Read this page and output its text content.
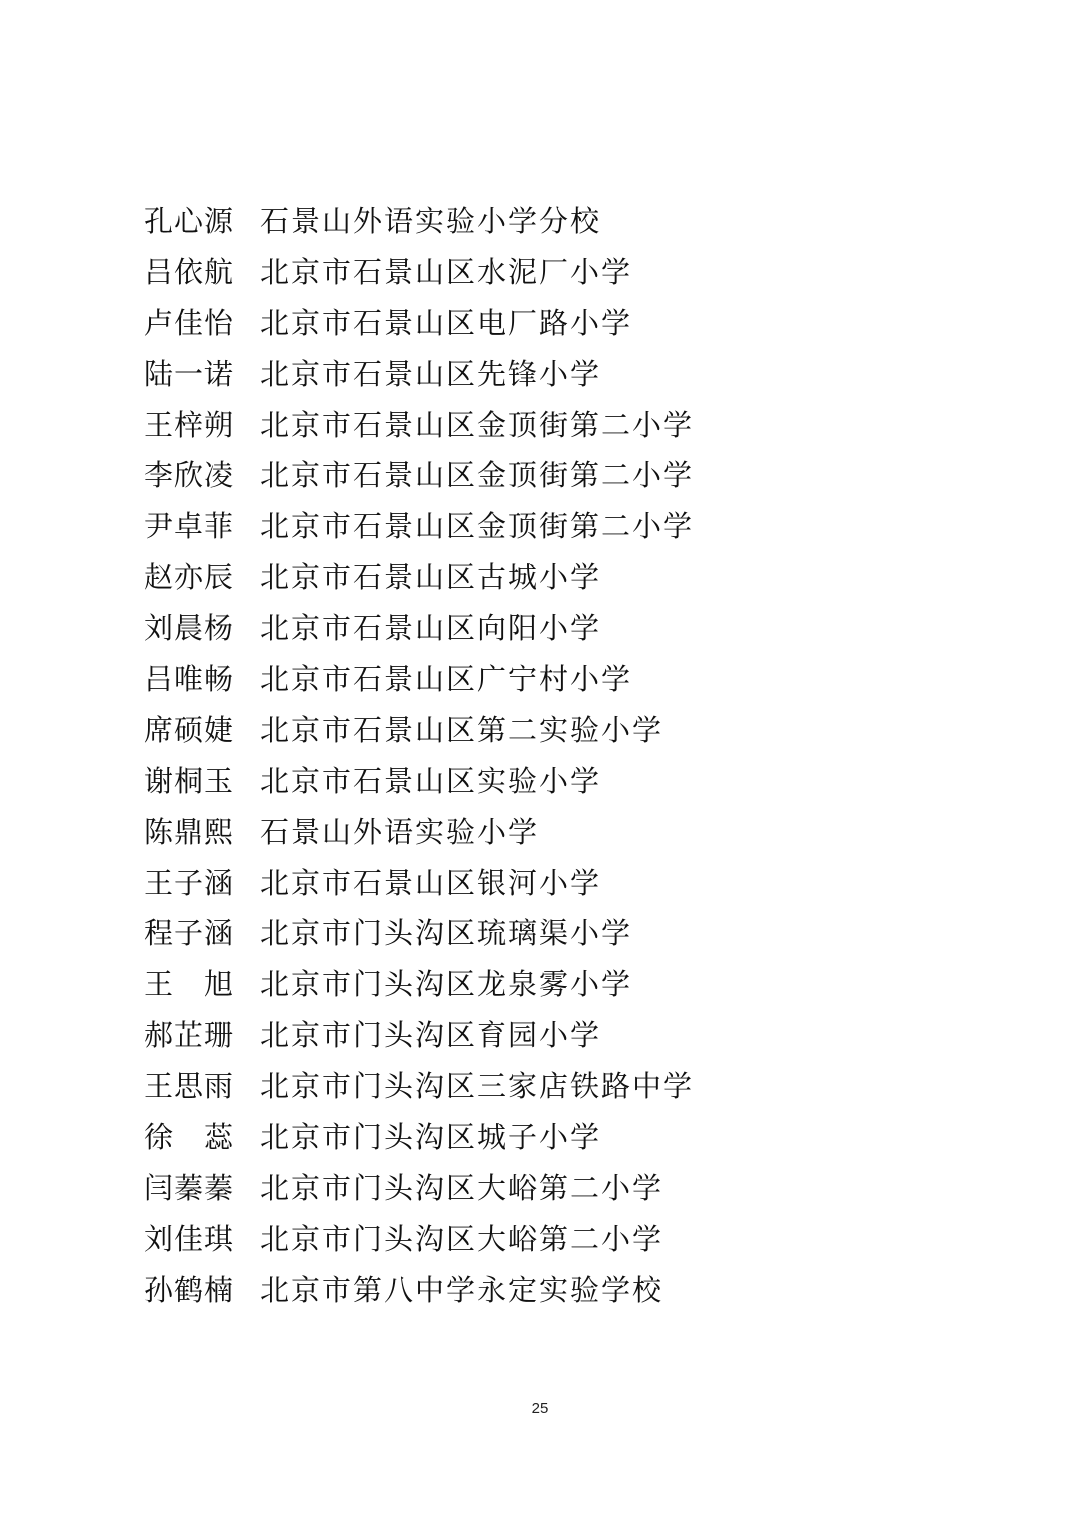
孔心源 石景山外语实验小学分校
吕依航 北京市石景山区水泥厂小学
卢佳怡 北京市石景山区电厂路小学
陆一诺 北京市石景山区先锋小学
王梓朔 北京市石景山区金顶街第二小学
李欣凌 北京市石景山区金顶街第二小学
尹卓菲 北京市石景山区金顶街第二小学
赵亦辰 北京市石景山区古城小学
刘晨杨 北京市石景山区向阳小学
吕唯畅 北京市石景山区广宁村小学
席硕婕 北京市石景山区第二实验小学
谢桐玉 北京市石景山区实验小学
陈鼎熙 石景山外语实验小学
王子涵 北京市石景山区银河小学
程子涵 北京市门头沟区琉璃渠小学
王　旭 北京市门头沟区龙泉雾小学
郝芷珊 北京市门头沟区育园小学
王思雨 北京市门头沟区三家店铁路中学
徐　蕊 北京市门头沟区城子小学
闫蓁蓁 北京市门头沟区大峪第二小学
刘佳琪 北京市门头沟区大峪第二小学
孙鹤楠 北京市第八中学永定实验学校
25
